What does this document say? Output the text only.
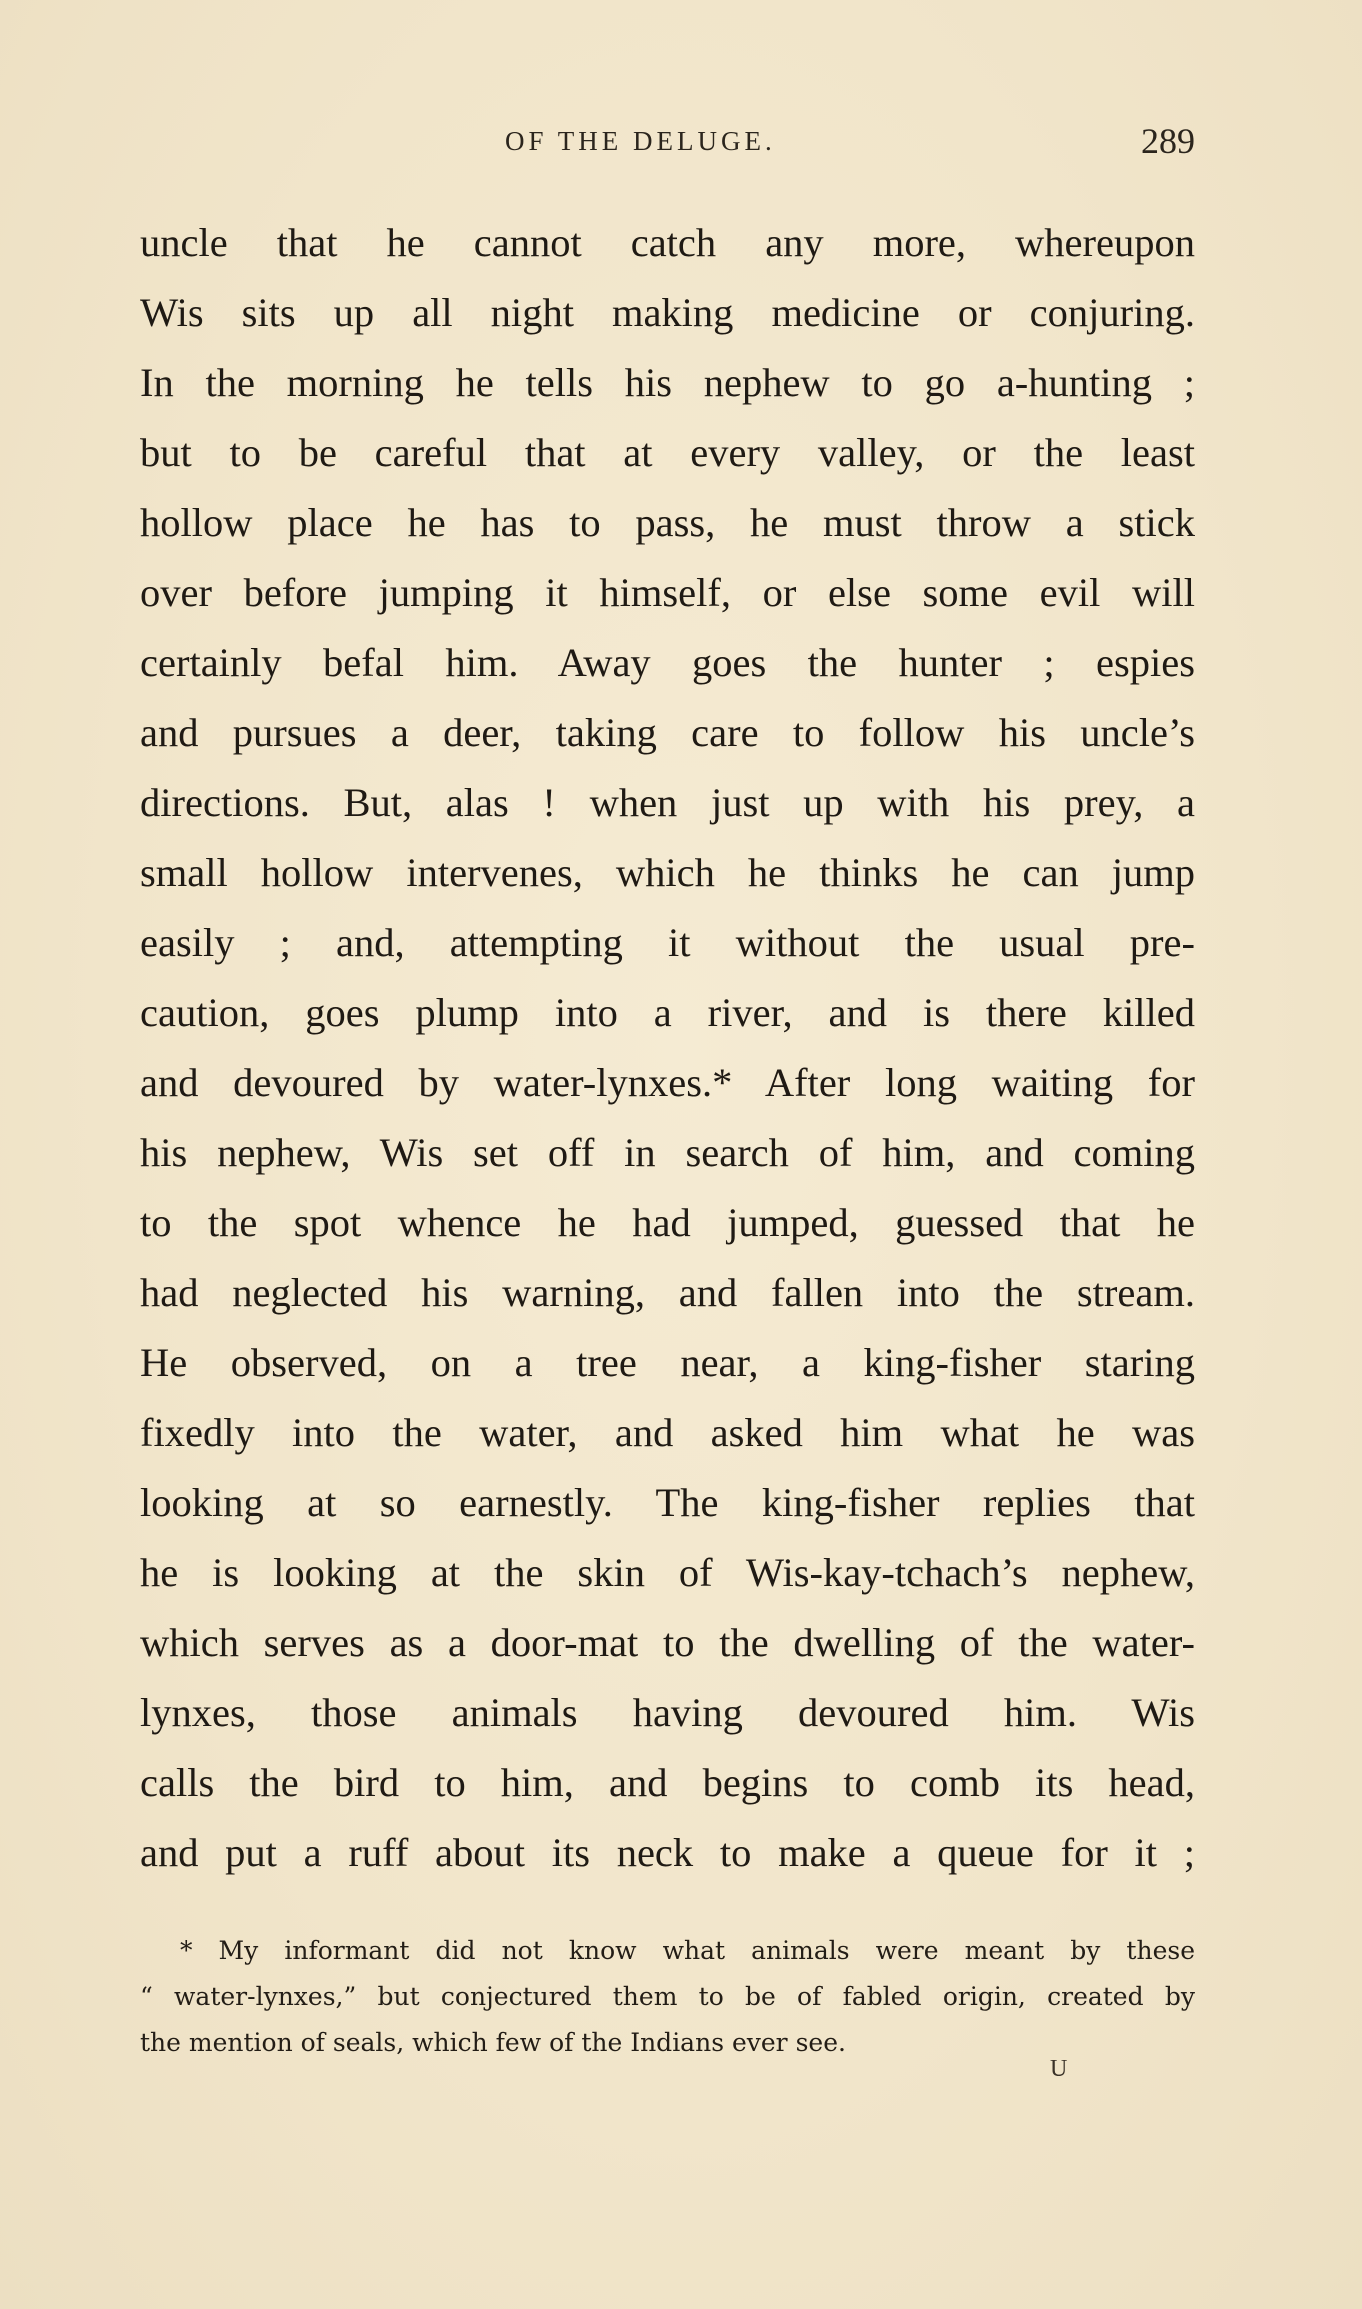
OF THE DELUGE.	289
uncle that he cannot catch any more, whereupon
Wis sits up all night making medicine or conjuring.
In the morning he tells his nephew to go a-hunting ;
but to be careful that at every valley, or the least
hollow place he has to pass, he must throw a stick
over before jumping it himself, or else some evil will
certainly befal him. Away goes the hunter ; espies
and pursues a deer, taking care to follow his uncle’s
directions. But, alas ! when just up with his prey, a
small hollow intervenes, which he thinks he can jump
easily ; and, attempting it without the usual pre-
caution, goes plump into a river, and is there killed
and devoured by water-lynxes.* After long waiting for
his nephew, Wis set off in search of him, and coming
to the spot whence he had jumped, guessed that he
had neglected his warning, and fallen into the stream.
He observed, on a tree near, a king-fisher staring
fixedly into the water, and asked him what he was
looking at so earnestly. The king-fisher replies that
he is looking at the skin of Wis-kay-tchach’s nephew,
which serves as a door-mat to the dwelling of the water-
lynxes, those animals having devoured him. Wis
calls the bird to him, and begins to comb its head,
and put a ruff about its neck to make a queue for it ;
* My informant did not know what animals were meant by these
“ water-lynxes,” but conjectured them to be of fabled origin, created by
the mention of seals, which few of the Indians ever see.
U
